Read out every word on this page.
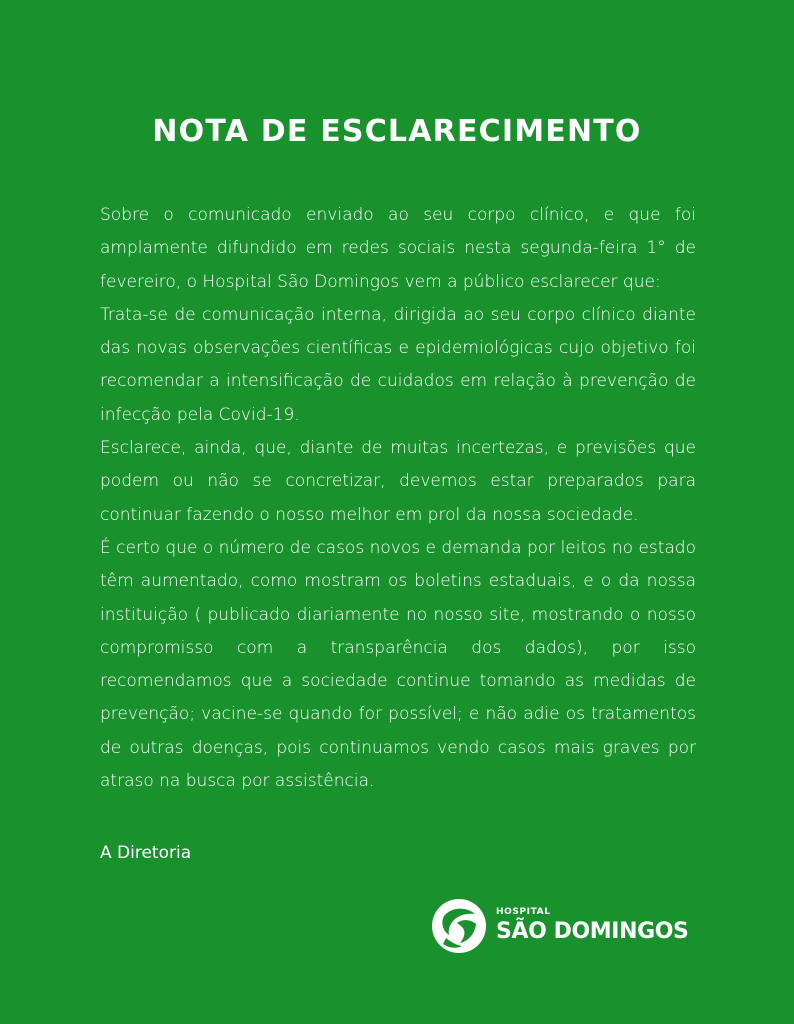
NOTA DE ESCLARECIMENTO

Sobre o comunicado enviado ao seu corpo clínico, e que foi amplamente difundido em redes sociais nesta segunda-feira 1° de fevereiro, o Hospital São Domingos vem a público esclarecer que:

Trata-se de comunicação interna, dirigida ao seu corpo clínico diante das novas observações científicas e epidemiológicas cujo objetivo foi recomendar a intensificação de cuidados em relação à prevenção de infecção pela Covid-19.

Esclarece, ainda, que, diante de muitas incertezas, e previsões que podem ou não se concretizar, devemos estar preparados para continuar fazendo o nosso melhor em prol da nossa sociedade.

É certo que o número de casos novos e demanda por leitos no estado têm aumentado, como mostram os boletins estaduais, e o da nossa instituição ( publicado diariamente no nosso site, mostrando o nosso compromisso com a transparência dos dados), por isso recomendamos que a sociedade continue tomando as medidas de prevenção; vacine-se quando for possível; e não adie os tratamentos de outras doenças, pois continuamos vendo casos mais graves por atraso na busca por assistência.

A Diretoria

HOSPITAL
SÃO DOMINGOS
